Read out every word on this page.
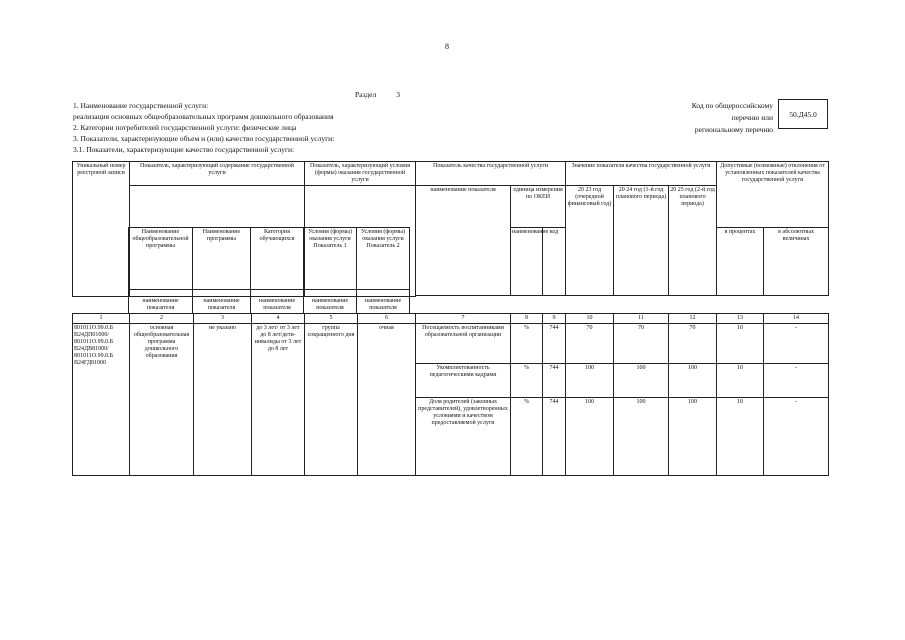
8
Раздел	3
1. Наименование государственной услуги:
реализация основных общеобразовательных программ дошкольного образования
2. Категории потребителей государственной услуги: физические лица
3. Показатели, характеризующие объем и (или) качество государственной услуги:
3.1. Показатели, характеризующие качество государственной услуги:
Код по общероссийскому
перечню или
региональному перечню
50.Д45.0
Уникальный номер реестровой записи	Показатель, характеризующий содержание государственной услуги	Показатель, характеризующий условия (формы) оказания государственной услуги	Показатель качества государственной услуги			Значение показателя качества государственной услуги			Допустимые (возможные) отклонения от установленных показателей качества государственной услуги	
			наименование показателя	единица измерения по ОКЕИ		20 23 год (очередной финансовый год)	20 24 год (1-й год планового периода)	20 25 год (2-й год планового периода)		
				наименование	код				в процентах	в абсолютных величинах

Наименование общеобразовательной программы	Наименование программы	Категория обучающихся	Условия (формы) оказания услуги Показатель 1	Условия (формы) оказания услуги Показатель 2
наименование показателя	наименование показателя	наименование показателя	наименование показателя	наименование показателя
1	2	3	4	5	6	7	8	9	10	11	12	13	14
801011О.99.0.Б В24ДП01000/ 801011О.99.0.Б В24ДВ81000/ 801011О.99.0.Б В24ГД81000	основная общеобразовательная программа дошкольного образования	не указано	до 3 лет/ от 3 лет до 8 лет/дети-инвалиды от 3 лет до 8 лет	группа сокращенного дня	очная	Посещаемость воспитанниками образовательной организации	%	744	70	70	70	10	-
						Укомплектованность педагогическими кадрами	%	744	100	100	100	10	-
						Доля родителей (законных представителей), удовлетворенных условиями и качеством предоставляемой услуги	%	744	100	100	100	10	-
